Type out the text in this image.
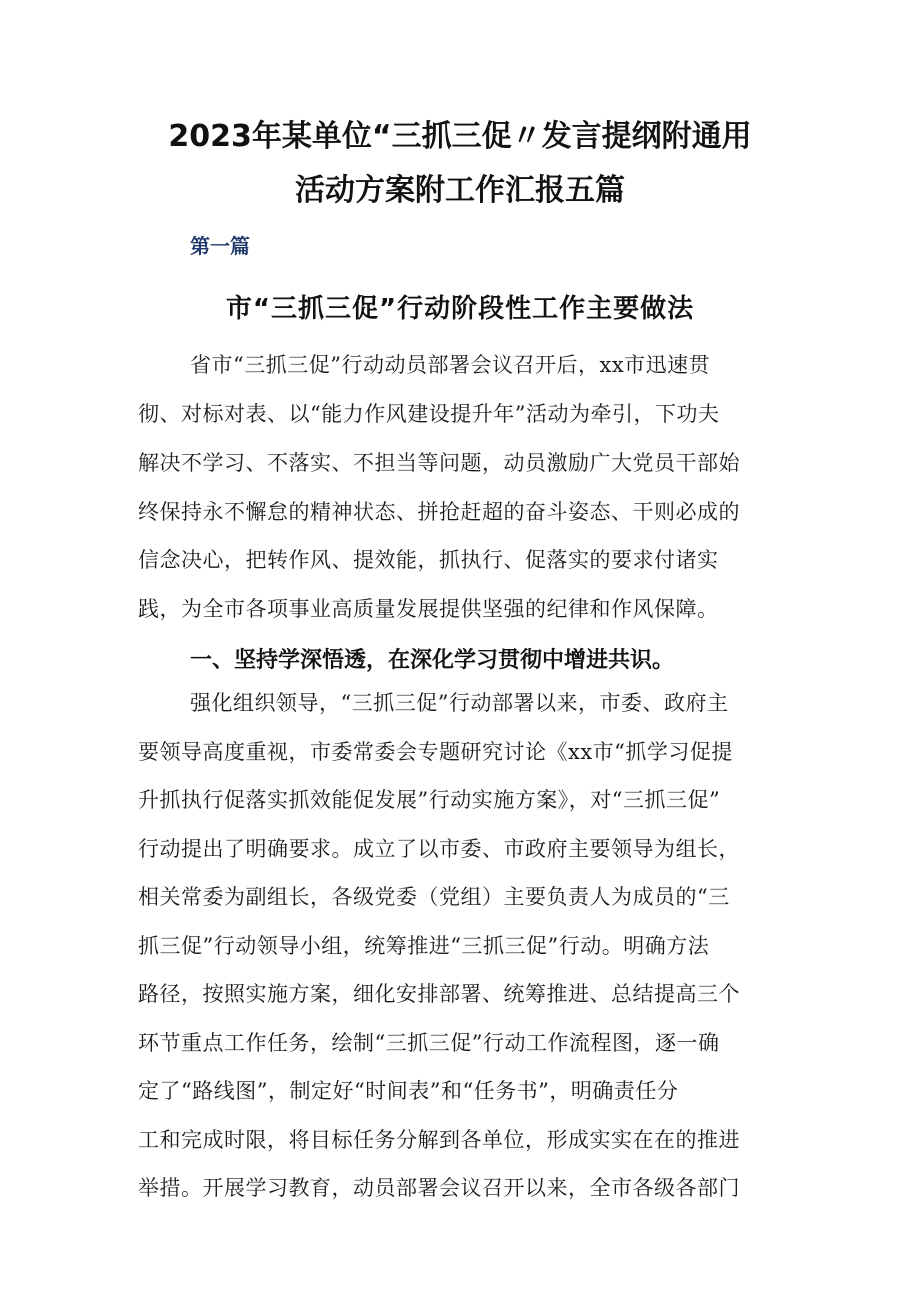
2023年某单位“三抓三促〃发言提纲附通用
活动方案附工作汇报五篇
第一篇
市“三抓三促”行动阶段性工作主要做法

省市“三抓三促”行动动员部署会议召开后，xx市迅速贯

彻、对标对表、以“能力作风建设提升年”活动为牵引，下功夫

解决不学习、不落实、不担当等问题，动员激励广大党员干部始

终保持永不懈怠的精神状态、拼抢赶超的奋斗姿态、干则必成的

信念决心，把转作风、提效能，抓执行、促落实的要求付诸实

践，为全市各项事业高质量发展提供坚强的纪律和作风保障。

一、坚持学深悟透，在深化学习贯彻中增进共识。

强化组织领导，“三抓三促”行动部署以来，市委、政府主

要领导高度重视，市委常委会专题研究讨论《xx市“抓学习促提

升抓执行促落实抓效能促发展”行动实施方案》，对“三抓三促”

行动提出了明确要求。成立了以市委、市政府主要领导为组长，

相关常委为副组长，各级党委（党组）主要负责人为成员的“三

抓三促”行动领导小组，统筹推进“三抓三促”行动。明确方法

路径，按照实施方案，细化安排部署、统筹推进、总结提高三个

环节重点工作任务，绘制“三抓三促”行动工作流程图，逐一确

定了“路线图”，制定好“时间表”和“任务书”，明确责任分

工和完成时限，将目标任务分解到各单位，形成实实在在的推进

举措。开展学习教育，动员部署会议召开以来，全市各级各部门
